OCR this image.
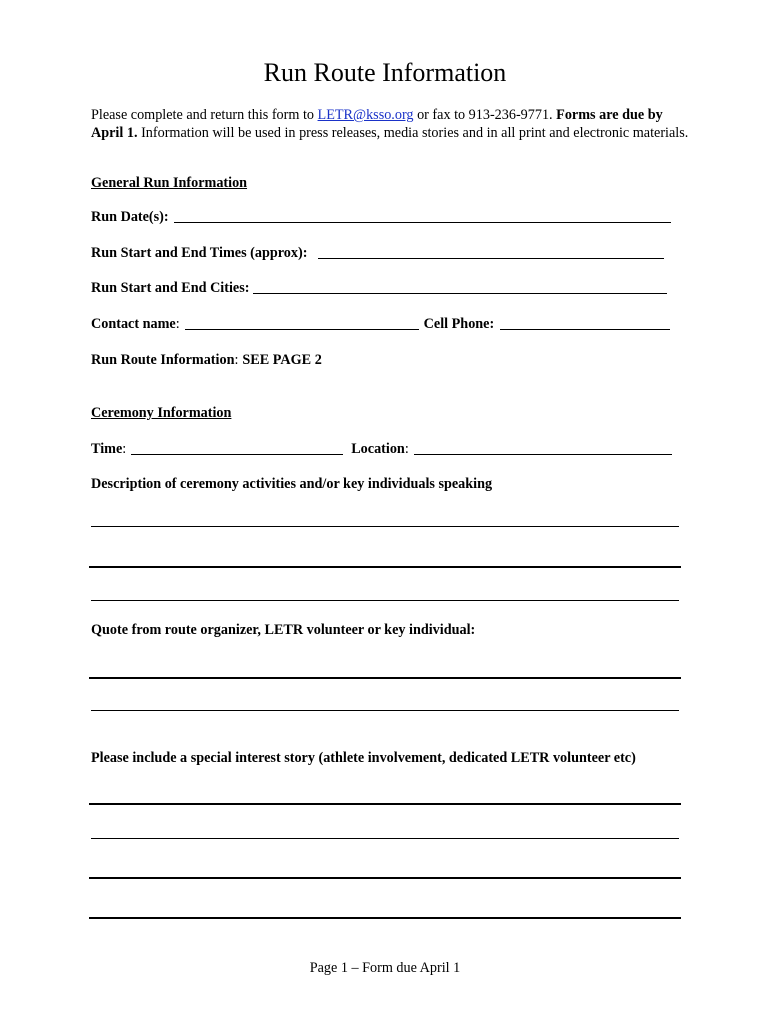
Run Route Information
Please complete and return this form to LETR@ksso.org or fax to 913-236-9771. Forms are due by April 1. Information will be used in press releases, media stories and in all print and electronic materials.
General Run Information
Run Date(s):
Run Start and End Times (approx):
Run Start and End Cities:
Contact name:	Cell Phone:
Run Route Information: SEE PAGE 2
Ceremony Information
Time:	Location:
Description of ceremony activities and/or key individuals speaking
Quote from route organizer, LETR volunteer or key individual:
Please include a special interest story (athlete involvement, dedicated LETR volunteer etc)
Page 1 – Form due April 1
